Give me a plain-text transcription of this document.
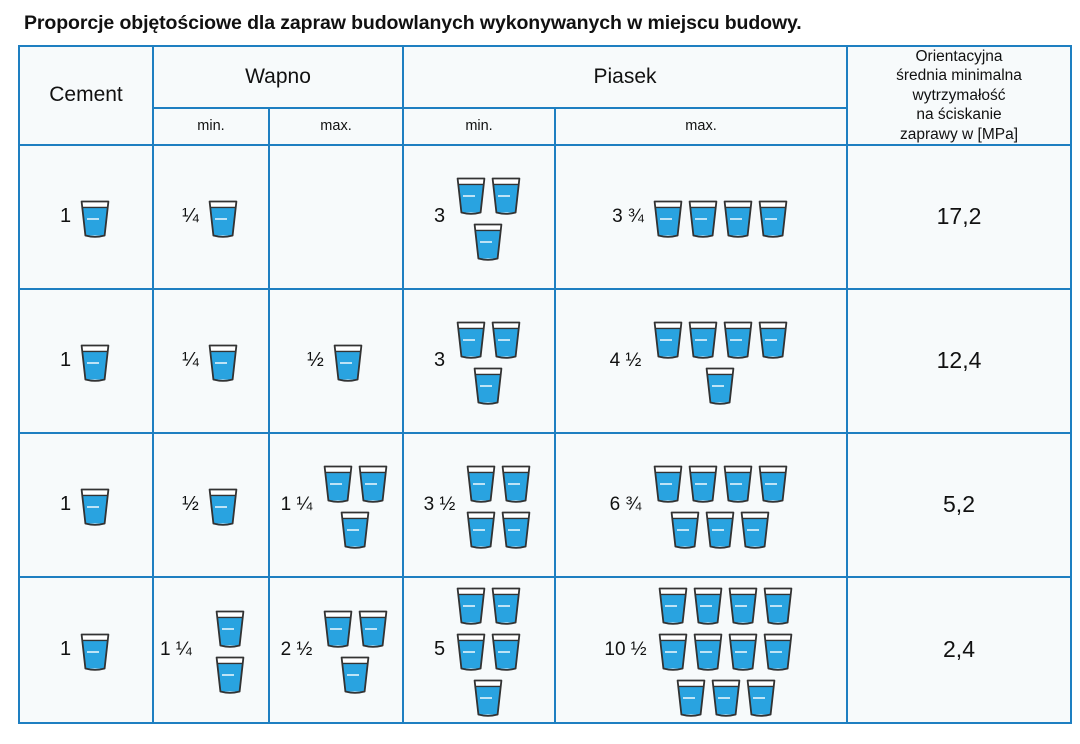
Proporcje objętościowe dla zapraw budowlanych wykonywanych w miejscu budowy.
Cement	Wapno		Piasek		Orientacyjna
średnia minimalna
wytrzymałość
na ściskanie
zaprawy w [MPa]

	min.	max.	min.	max.	

1	¼		3	3 ¾	17,2

1	¼	½	3	4 ½	12,4

1	½	1 ¼	3 ½	6 ¾	5,2

1	1 ¼	2 ½	5	10 ½	2,4
